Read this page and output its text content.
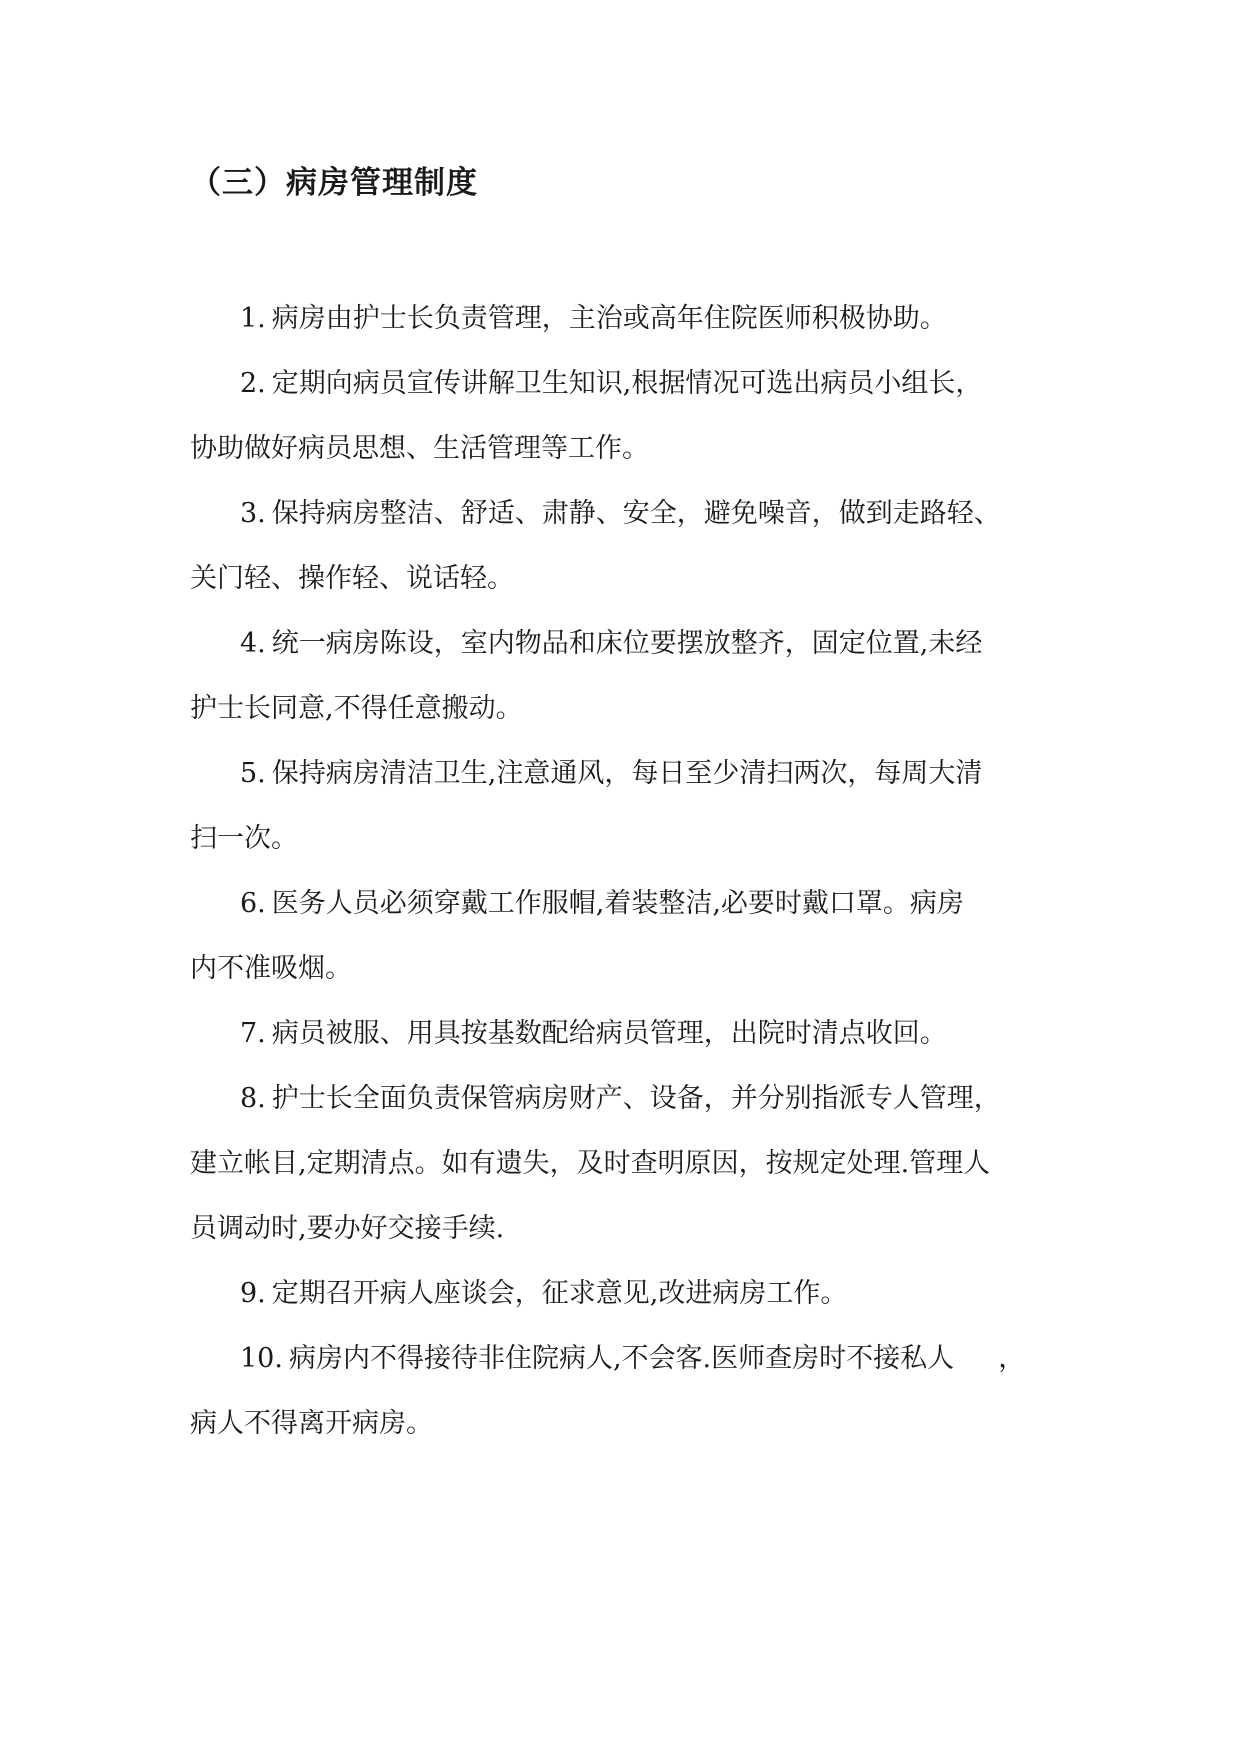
（三）病房管理制度

1. 病房由护士长负责管理，主治或高年住院医师积极协助。

2. 定期向病员宣传讲解卫生知识,根据情况可选出病员小组长，
协助做好病员思想、生活管理等工作。

3. 保持病房整洁、舒适、肃静、安全，避免噪音，做到走路轻、
关门轻、操作轻、说话轻。

4. 统一病房陈设，室内物品和床位要摆放整齐，固定位置,未经
护士长同意,不得任意搬动。

5. 保持病房清洁卫生,注意通风，每日至少清扫两次，每周大清
扫一次。

6. 医务人员必须穿戴工作服帽,着装整洁,必要时戴口罩。病房
内不准吸烟。

7. 病员被服、用具按基数配给病员管理，出院时清点收回。

8. 护士长全面负责保管病房财产、设备，并分别指派专人管理，
建立帐目,定期清点。如有遗失，及时查明原因，按规定处理.管理人
员调动时,要办好交接手续.

9. 定期召开病人座谈会，征求意见,改进病房工作。

10. 病房内不得接待非住院病人,不会客.医师查房时不接私人 　 ，
病人不得离开病房。
